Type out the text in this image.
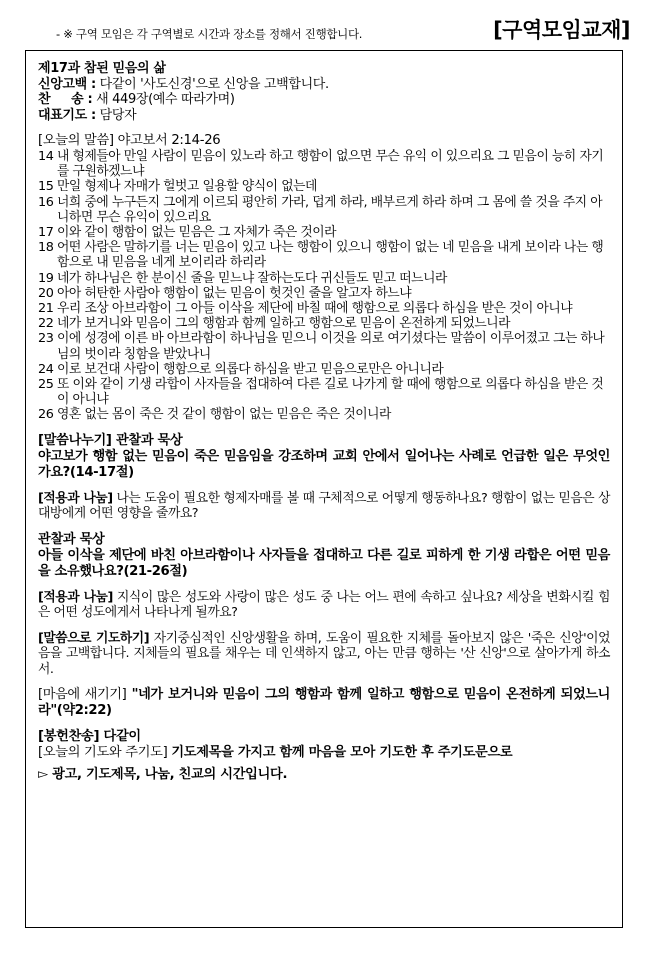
- ※ 구역 모임은 각 구역별로 시간과 장소를 정해서 진행합니다.	[구역모임교재]
제17과 참된 믿음의 삶
신앙고백 : 다같이 '사도신경'으로 신앙을 고백합니다.
찬     송 : 새 449장(예수 따라가며)
대표기도 : 담당자
[오늘의 말씀] 야고보서 2:14-26
14 내 형제들아 만일 사람이 믿음이 있노라 하고 행함이 없으면 무슨 유익 이 있으리요 그 믿음이 능히 자기를 구원하겠느냐
15 만일 형제나 자매가 헐벗고 일용할 양식이 없는데
16 너희 중에 누구든지 그에게 이르되 평안히 가라, 덥게 하라, 배부르게 하라 하며 그 몸에 쓸 것을 주지 아니하면 무슨 유익이 있으리요
17 이와 같이 행함이 없는 믿음은 그 자체가 죽은 것이라
18 어떤 사람은 말하기를 너는 믿음이 있고 나는 행함이 있으니 행함이 없는 네 믿음을 내게 보이라 나는 행함으로 내 믿음을 네게 보이리라 하리라
19 네가 하나님은 한 분이신 줄을 믿느냐 잘하는도다 귀신들도 믿고 떠느니라
20 아아 허탄한 사람아 행함이 없는 믿음이 헛것인 줄을 알고자 하느냐
21 우리 조상 아브라함이 그 아들 이삭을 제단에 바칠 때에 행함으로 의롭다 하심을 받은 것이 아니냐
22 네가 보거니와 믿음이 그의 행함과 함께 일하고 행함으로 믿음이 온전하게 되었느니라
23 이에 성경에 이른 바 아브라함이 하나님을 믿으니 이것을 의로 여기셨다는 말씀이 이루어졌고 그는 하나님의 벗이라 칭함을 받았나니
24 이로 보건대 사람이 행함으로 의롭다 하심을 받고 믿음으로만은 아니니라
25 또 이와 같이 기생 라합이 사자들을 접대하여 다른 길로 나가게 할 때에 행함으로 의롭다 하심을 받은 것이 아니냐
26 영혼 없는 몸이 죽은 것 같이 행함이 없는 믿음은 죽은 것이니라
[말씀나누기] 관찰과 묵상
야고보가 행함 없는 믿음이 죽은 믿음임을 강조하며 교회 안에서 일어나는 사례로 언급한 일은 무엇인가요?(14-17절)
[적용과 나눔] 나는 도움이 필요한 형제자매를 볼 때 구체적으로 어떻게 행동하나요? 행함이 없는 믿음은 상대방에게 어떤 영향을 줄까요?
관찰과 묵상
아들 이삭을 제단에 바친 아브라함이나 사자들을 접대하고 다른 길로 피하게 한 기생 라합은 어떤 믿음을 소유했나요?(21-26절)
[적용과 나눔] 지식이 많은 성도와 사랑이 많은 성도 중 나는 어느 편에 속하고 싶나요? 세상을 변화시킬 힘은 어떤 성도에게서 나타나게 될까요?
[말씀으로 기도하기] 자기중심적인 신앙생활을 하며, 도움이 필요한 지체를 돌아보지 않은 '죽은 신앙'이었음을 고백합니다. 지체들의 필요를 채우는 데 인색하지 않고, 아는 만큼 행하는 '산 신앙'으로 살아가게 하소서.
[마음에 새기기] "네가 보거니와 믿음이 그의 행함과 함께 일하고 행함으로 믿음이 온전하게 되었느니라"(약2:22)
[봉헌찬송] 다같이
[오늘의 기도와 주기도] 기도제목을 가지고 함께 마음을 모아 기도한 후 주기도문으로
▻ 광고, 기도제목, 나눔, 친교의 시간입니다.
